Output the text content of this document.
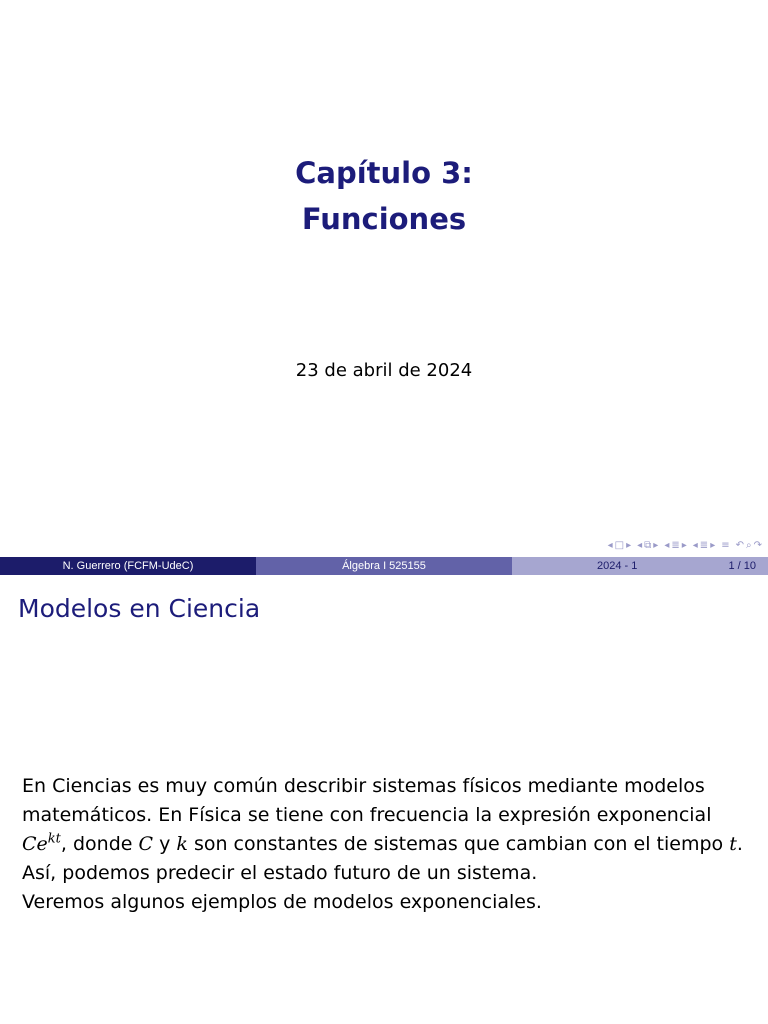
Capítulo 3:
Funciones
23 de abril de 2024
◂ □ ▸ ◂ ⧉ ▸ ◂ ≣ ▸ ◂ ≣ ▸ ≡ ↶ ⌕ ↷
N. Guerrero (FCFM-UdeC)	Álgebra I 525155	2024 - 1	1 / 10
Modelos en Ciencia

En Ciencias es muy común describir sistemas físicos mediante modelos matemáticos. En Física se tiene con frecuencia la expresión exponencial $Ce^{kt}$, donde C y k son constantes de sistemas que cambian con el tiempo t. Así, podemos predecir el estado futuro de un sistema.

Veremos algunos ejemplos de modelos exponenciales.
